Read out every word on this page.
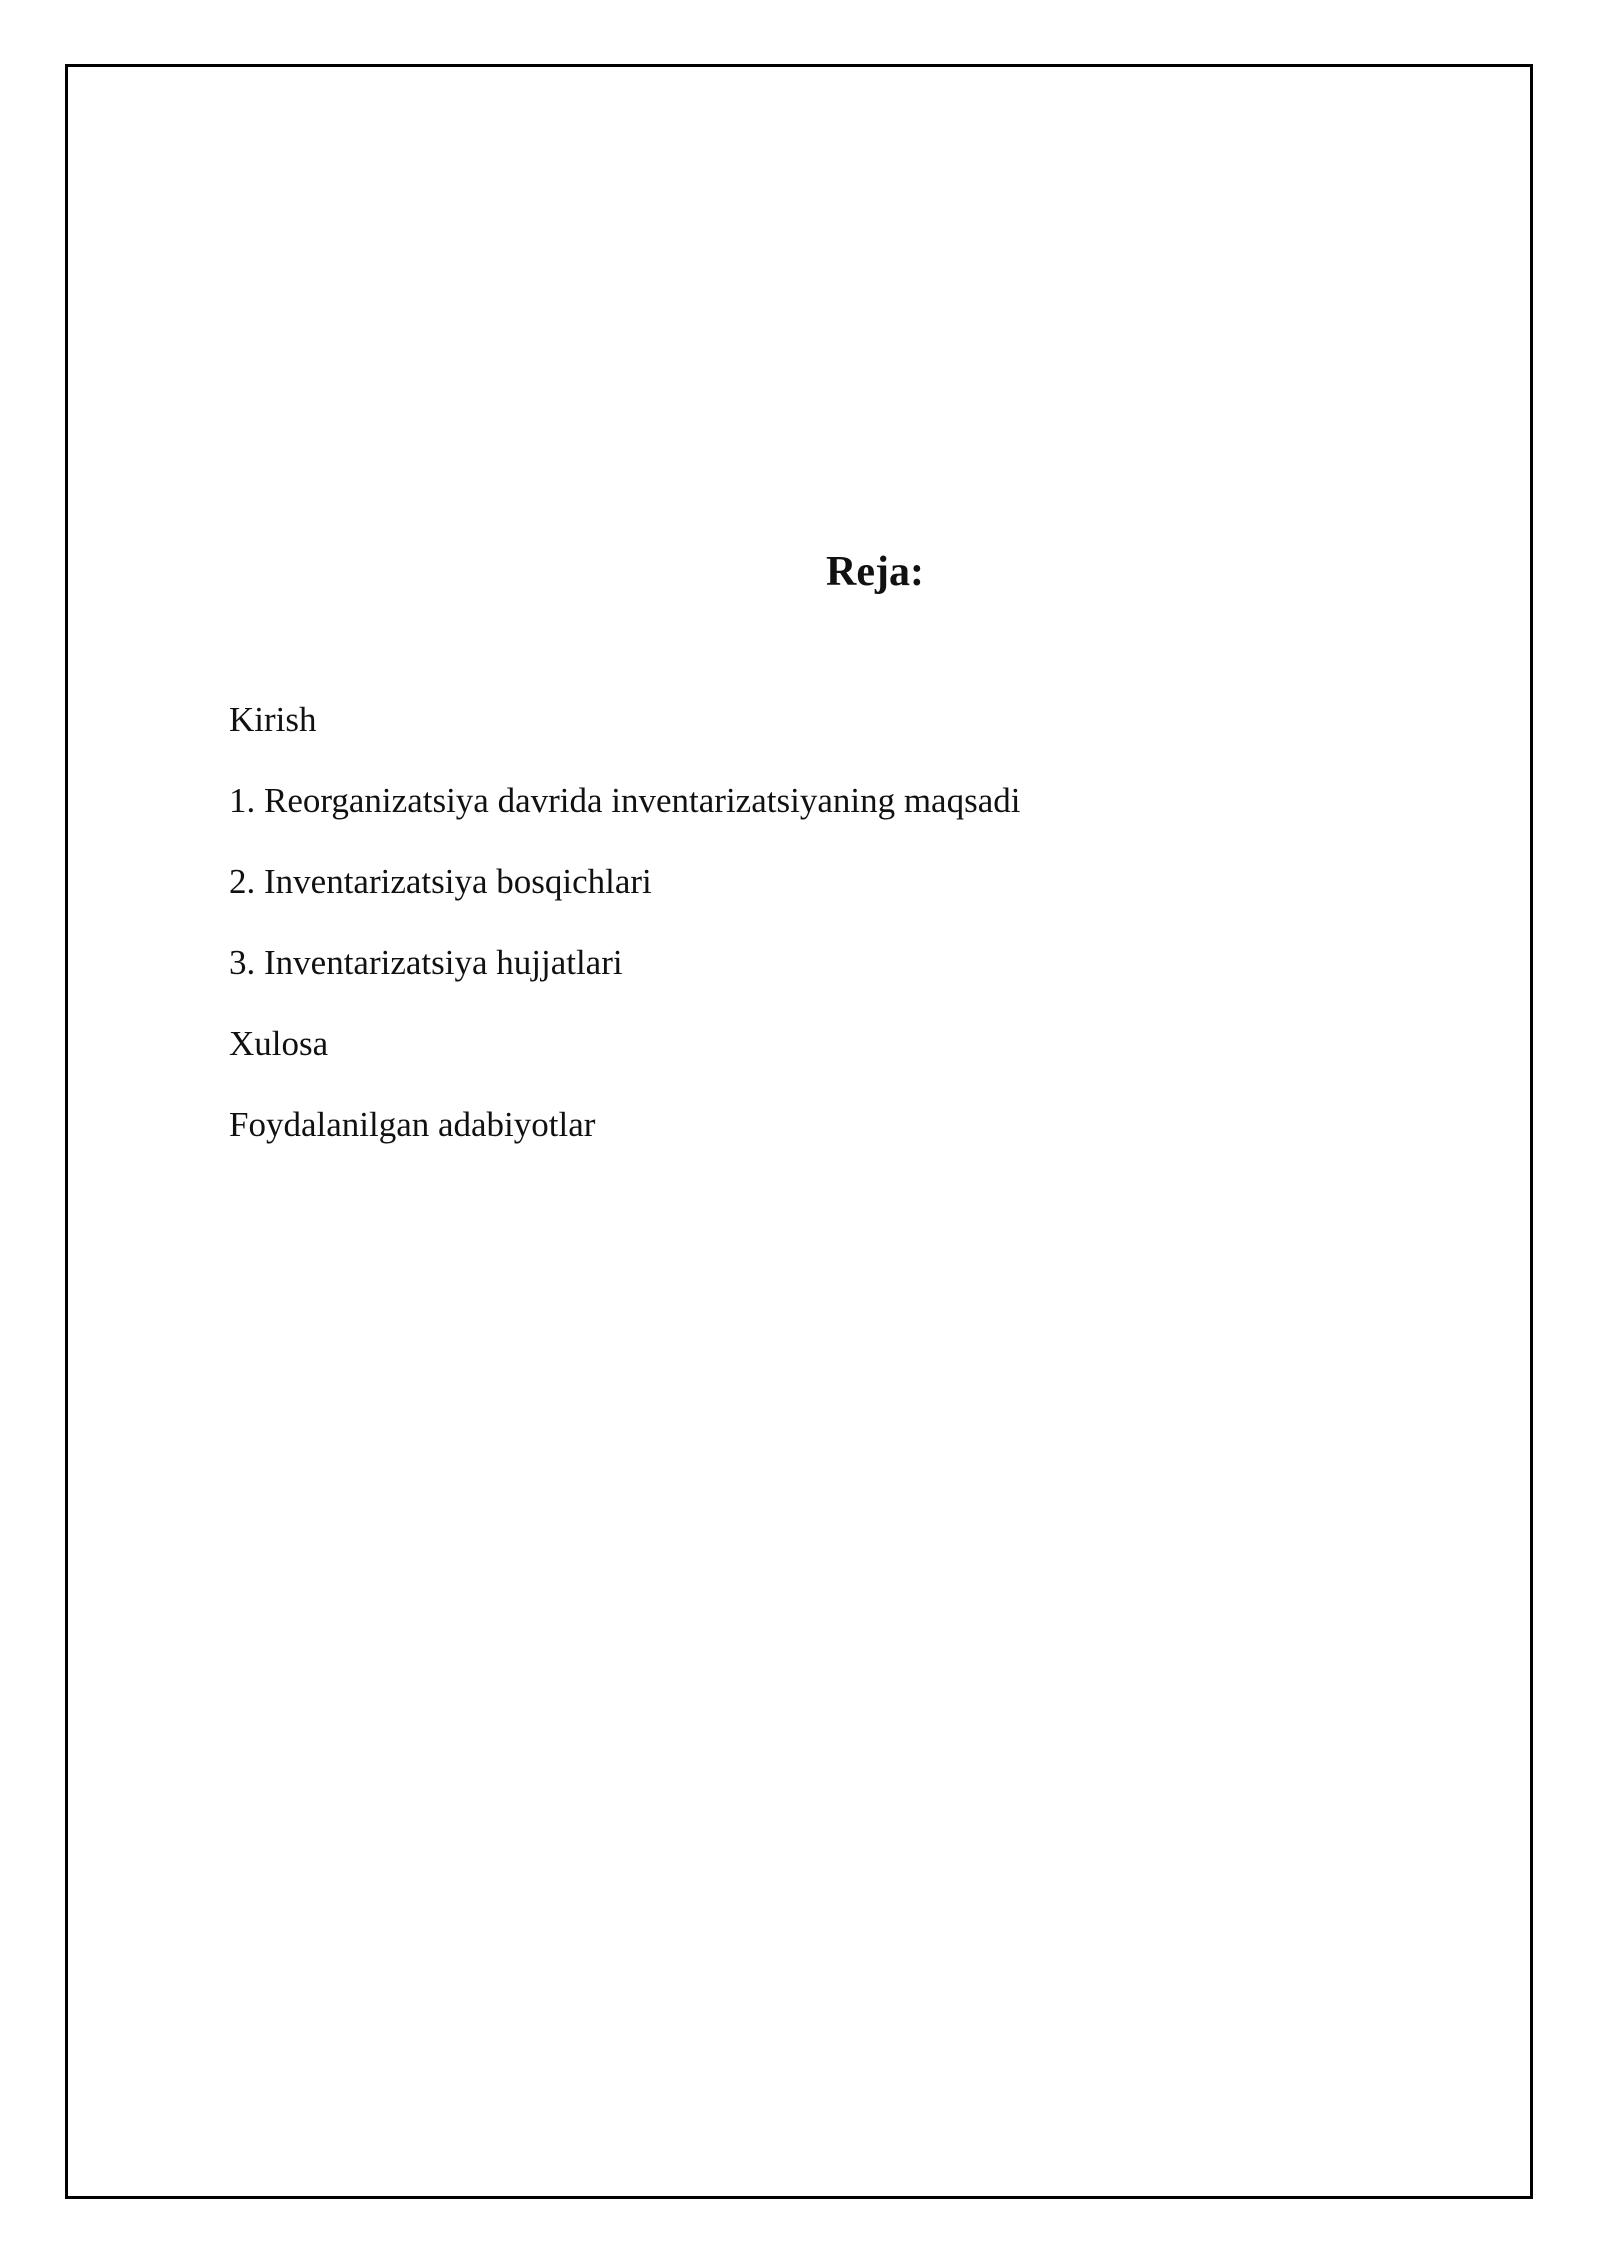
Reja:
Kirish
1. Reorganizatsiya davrida inventarizatsiyaning maqsadi
2. Inventarizatsiya bosqichlari
3. Inventarizatsiya hujjatlari
Xulosa
Foydalanilgan adabiyotlar
